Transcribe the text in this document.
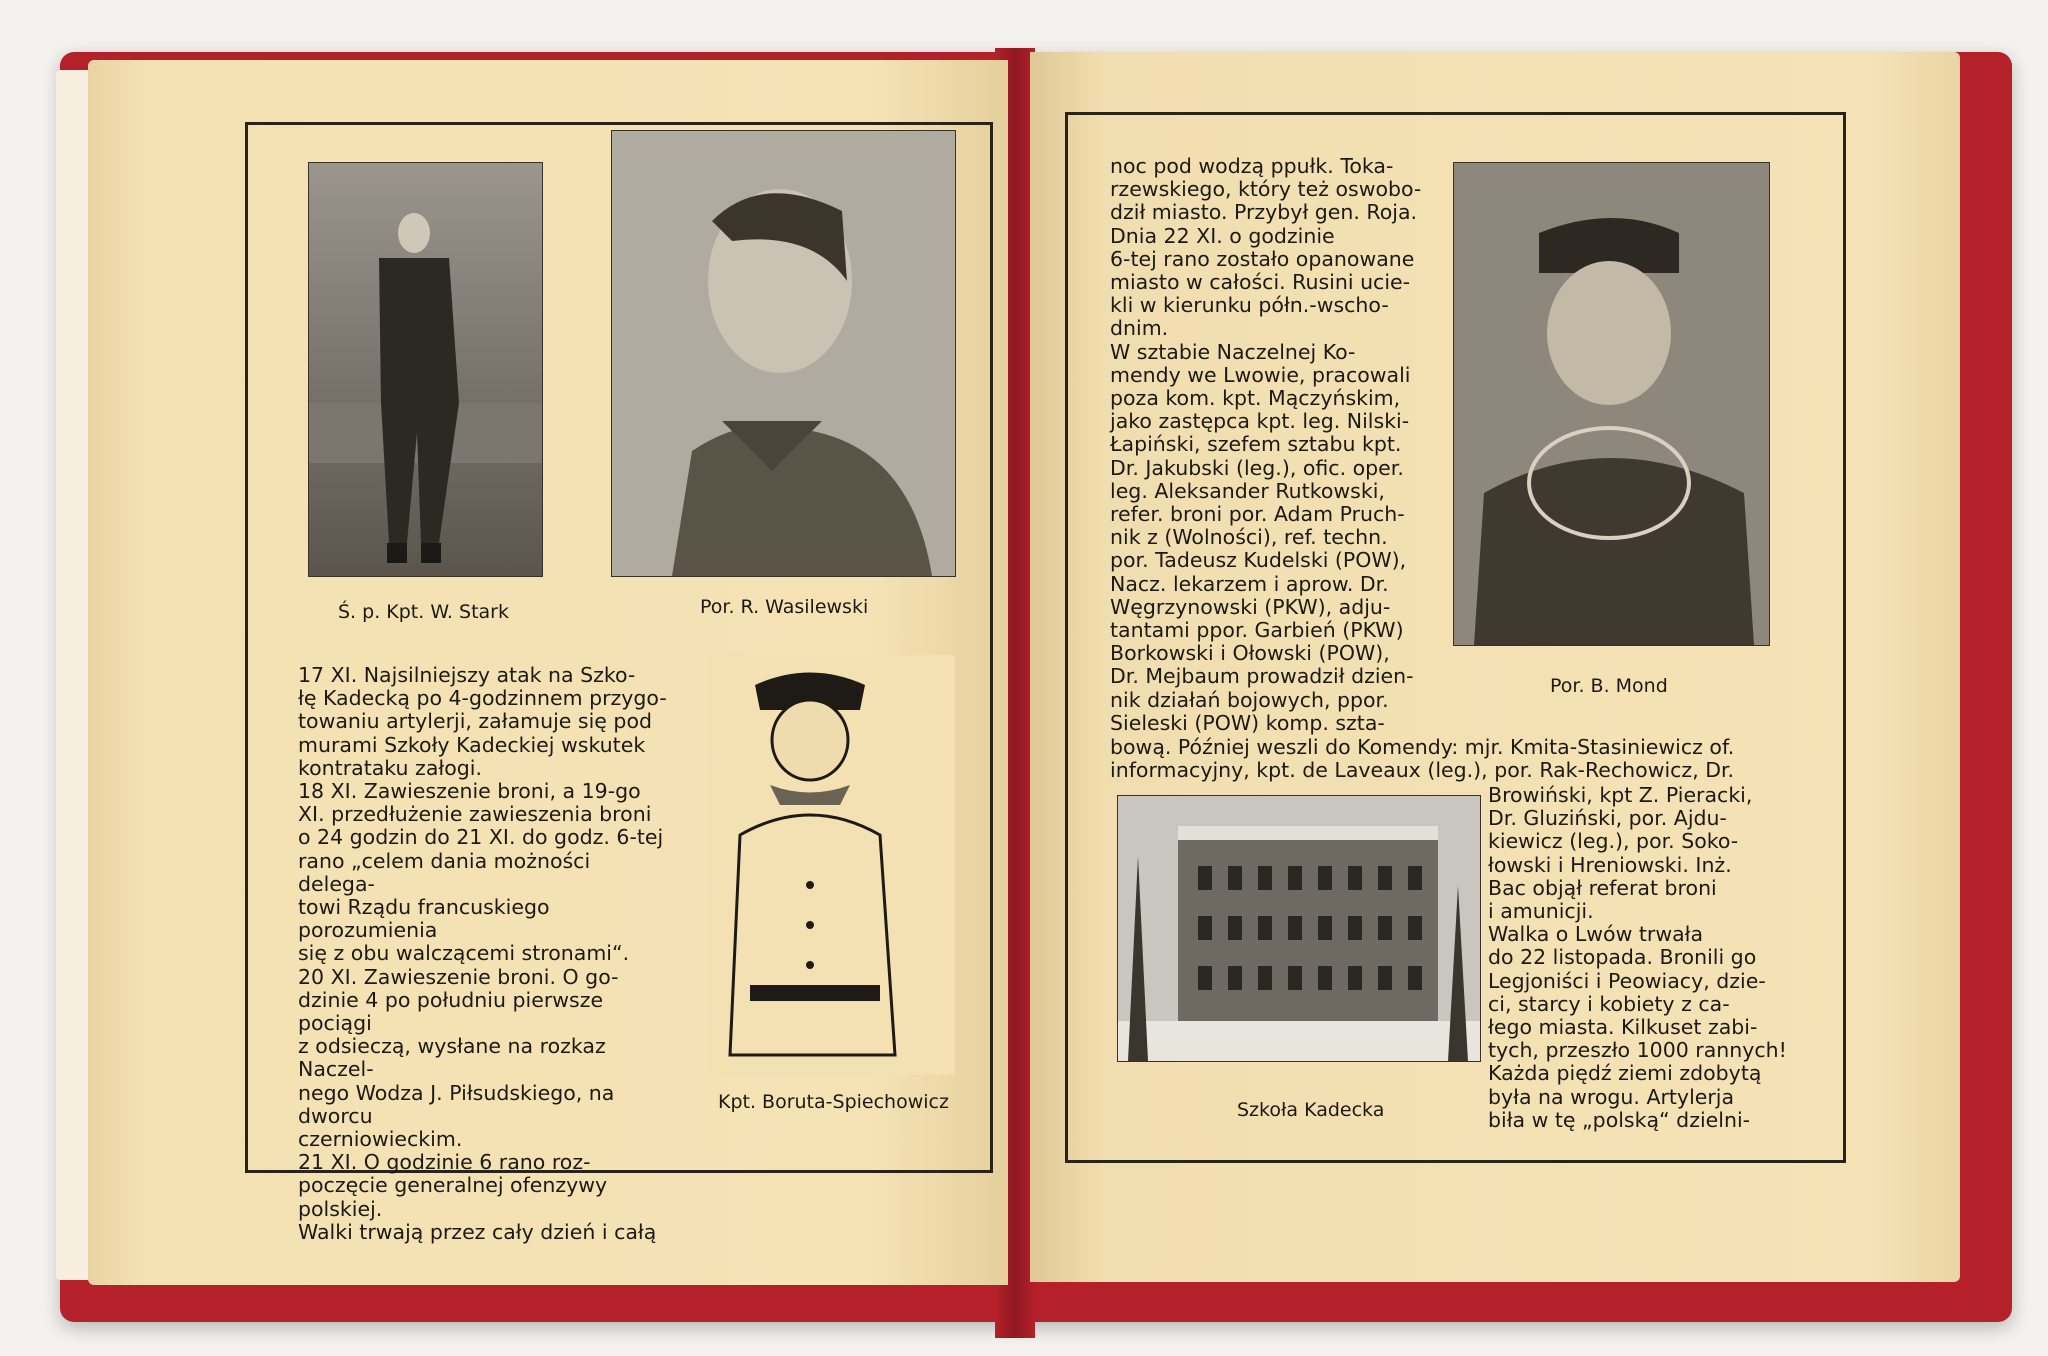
Ś. p. Kpt. W. Stark	Por. R. Wasilewski
Kpt. Boruta-Spiechowicz

17 XI. Najsilniejszy atak na Szko-

łę Kadecką po 4-godzinnem przygo-

towaniu artylerji, załamuje się pod

murami Szkoły Kadeckiej wskutek

kontrataku załogi.

18 XI. Zawieszenie broni, a 19-go

XI. przedłużenie zawieszenia broni

o 24 godzin do 21 XI. do godz. 6-tej

rano „celem dania możności delega-

towi Rządu francuskiego porozumienia

się z obu walczącemi stronami“.

20 XI. Zawieszenie broni. O go-

dzinie 4 po południu pierwsze pociągi

z odsieczą, wysłane na rozkaz Naczel-

nego Wodza J. Piłsudskiego, na dworcu

czerniowieckim.

21 XI. O godzinie 6 rano roz-

poczęcie generalnej ofenzywy polskiej.

Walki trwają przez cały dzień i całą

noc pod wodzą ppułk. Toka-

rzewskiego, który też oswobo-

dził miasto. Przybył gen. Roja.

Dnia 22 XI. o godzinie

6-tej rano zostało opanowane

miasto w całości. Rusini ucie-

kli w kierunku półn.-wscho-

dnim.

W sztabie Naczelnej Ko-

mendy we Lwowie, pracowali

poza kom. kpt. Mączyńskim,

jako zastępca kpt. leg. Nilski-

Łapiński, szefem sztabu kpt.

Dr. Jakubski (leg.), ofic. oper.

leg. Aleksander Rutkowski,

refer. broni por. Adam Pruch-

nik z (Wolności), ref. techn.

por. Tadeusz Kudelski (POW),

Nacz. lekarzem i aprow. Dr.

Węgrzynowski (PKW), adju-

tantami ppor. Garbień (PKW)

Borkowski i Ołowski (POW),

Dr. Mejbaum prowadził dzien-

nik działań bojowych, ppor.

Sieleski (POW) komp. szta-

Por. B. Mond

bową. Później weszli do Komendy: mjr. Kmita-Stasiniewicz of.

informacyjny, kpt. de Laveaux (leg.), por. Rak-Rechowicz, Dr.

Szkoła Kadecka

Browiński, kpt Z. Pieracki,

Dr. Gluziński, por. Ajdu-

kiewicz (leg.), por. Soko-

łowski i Hreniowski. Inż.

Bac objął referat broni

i amunicji.

Walka o Lwów trwała

do 22 listopada. Bronili go

Legjoniści i Peowiacy, dzie-

ci, starcy i kobiety z ca-

łego miasta. Kilkuset zabi-

tych, przeszło 1000 rannych!

Każda piędź ziemi zdobytą

była na wrogu. Artylerja

biła w tę „polską“ dzielni-
